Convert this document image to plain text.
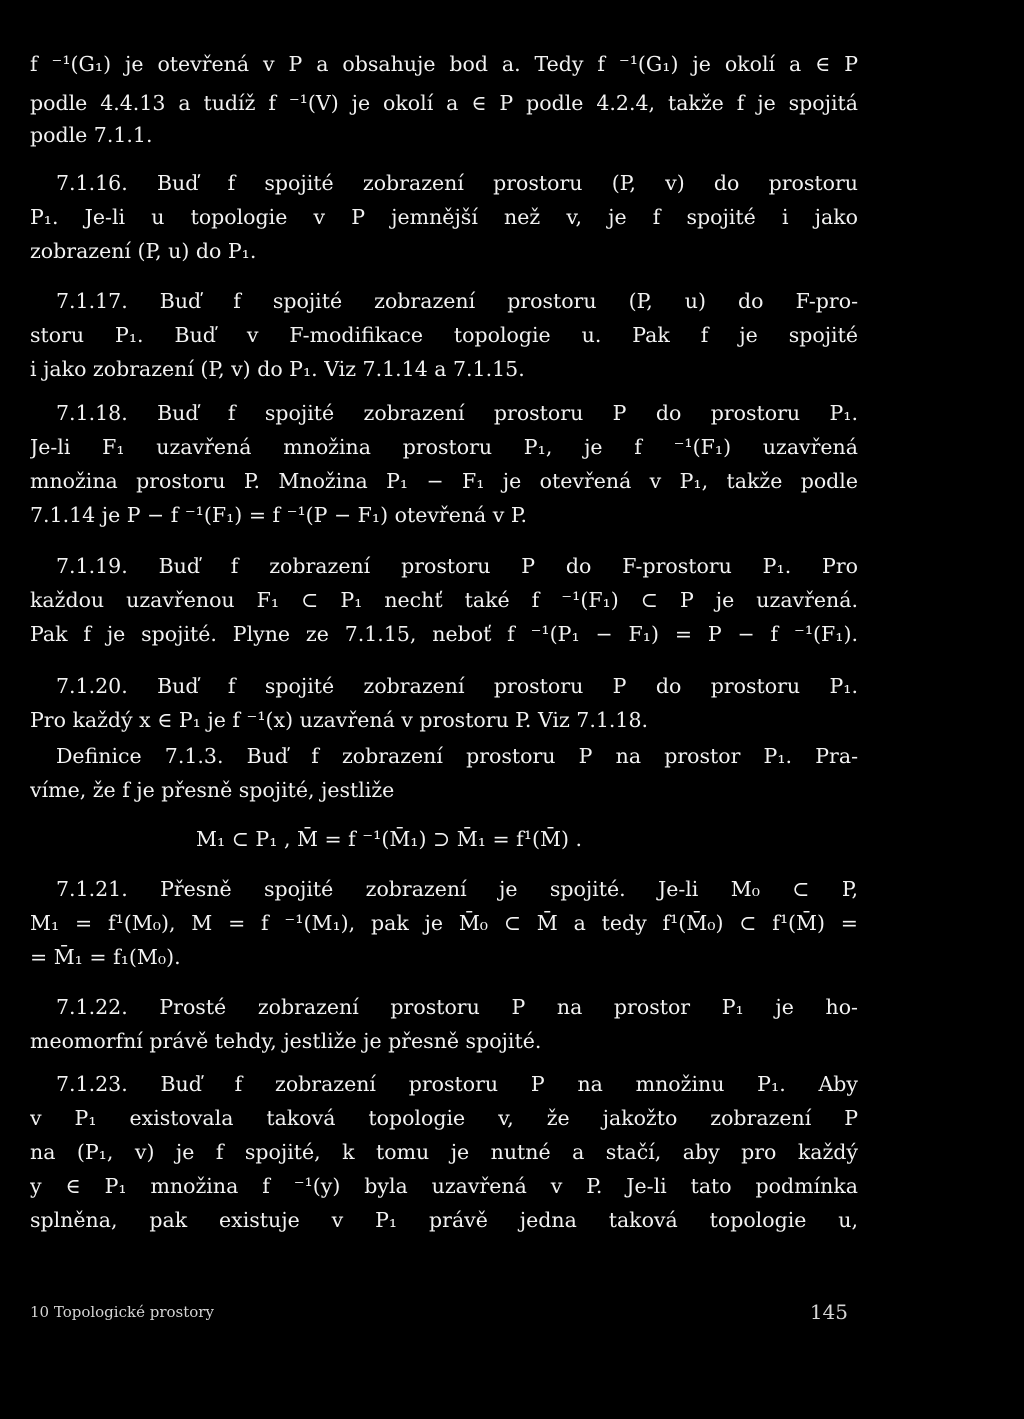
f ⁻¹(G₁) je otevřená v P a obsahuje bod a. Tedy f ⁻¹(G₁) je okolí a ∈ P
podle 4.4.13 a tudíž f ⁻¹(V) je okolí a ∈ P podle 4.2.4, takže f je spojitá
podle 7.1.1.
7.1.16. Buď f spojité zobrazení prostoru (P, v) do prostoru
P₁. Je-li u topologie v P jemnější než v, je f spojité i jako
zobrazení (P, u) do P₁.
7.1.17. Buď f spojité zobrazení prostoru (P, u) do F-pro-
storu P₁. Buď v F-modifikace topologie u. Pak f je spojité
i jako zobrazení (P, v) do P₁. Viz 7.1.14 a 7.1.15.
7.1.18. Buď f spojité zobrazení prostoru P do prostoru P₁.
Je-li F₁ uzavřená množina prostoru P₁, je f ⁻¹(F₁) uzavřená
množina prostoru P. Množina P₁ − F₁ je otevřená v P₁, takže podle
7.1.14 je P − f ⁻¹(F₁) = f ⁻¹(P − F₁) otevřená v P.
7.1.19. Buď f zobrazení prostoru P do F-prostoru P₁. Pro
každou uzavřenou F₁ ⊂ P₁ nechť také f ⁻¹(F₁) ⊂ P je uzavřená.
Pak f je spojité. Plyne ze 7.1.15, neboť f ⁻¹(P₁ − F₁) = P − f ⁻¹(F₁).
7.1.20. Buď f spojité zobrazení prostoru P do prostoru P₁.
Pro každý x ∈ P₁ je f ⁻¹(x) uzavřená v prostoru P. Viz 7.1.18.
Definice 7.1.3. Buď f zobrazení prostoru P na prostor P₁. Pra-
víme, že f je přesně spojité, jestliže
M₁ ⊂ P₁ , M̄ = f ⁻¹(M̄₁) ⊃ M̄₁ = f¹(M̄) .
7.1.21. Přesně spojité zobrazení je spojité. Je-li M₀ ⊂ P,
M₁ = f¹(M₀), M = f ⁻¹(M₁), pak je M̄₀ ⊂ M̄ a tedy f¹(M̄₀) ⊂ f¹(M̄) =
= M̄₁ = f₁(M₀).
7.1.22. Prosté zobrazení prostoru P na prostor P₁ je ho-
meomorfní právě tehdy, jestliže je přesně spojité.
7.1.23. Buď f zobrazení prostoru P na množinu P₁. Aby
v P₁ existovala taková topologie v, že jakožto zobrazení P
na (P₁, v) je f spojité, k tomu je nutné a stačí, aby pro každý
y ∈ P₁ množina f ⁻¹(y) byla uzavřená v P. Je-li tato podmínka
splněna, pak existuje v P₁ právě jedna taková topologie u,
10 Topologické prostory	145
